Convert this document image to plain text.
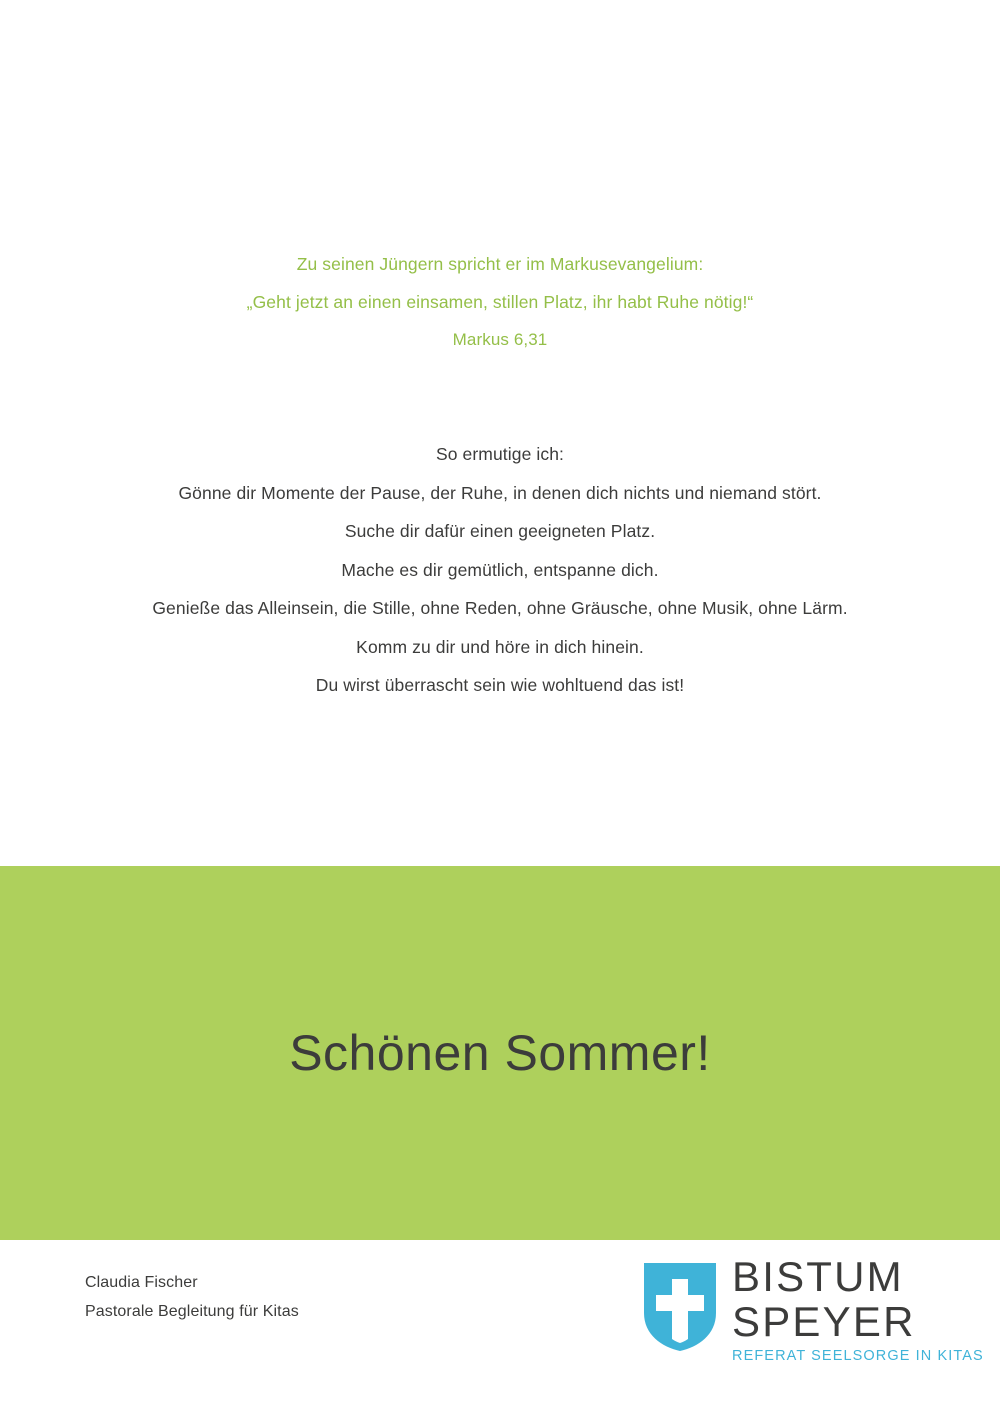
Zu seinen Jüngern spricht er im Markusevangelium:
„Geht jetzt an einen einsamen, stillen Platz, ihr habt Ruhe nötig!“
Markus 6,31
So ermutige ich:
Gönne dir Momente der Pause, der Ruhe, in denen dich nichts und niemand stört.
Suche dir dafür einen geeigneten Platz.
Mache es dir gemütlich, entspanne dich.
Genieße das Alleinsein, die Stille, ohne Reden, ohne Gräusche, ohne Musik, ohne Lärm.
Komm zu dir und höre in dich hinein.
Du wirst überrascht sein wie wohltuend das ist!
Schönen Sommer!
Claudia Fischer
Pastorale Begleitung für Kitas
BISTUM
SPEYER
REFERAT SEELSORGE IN KITAS
